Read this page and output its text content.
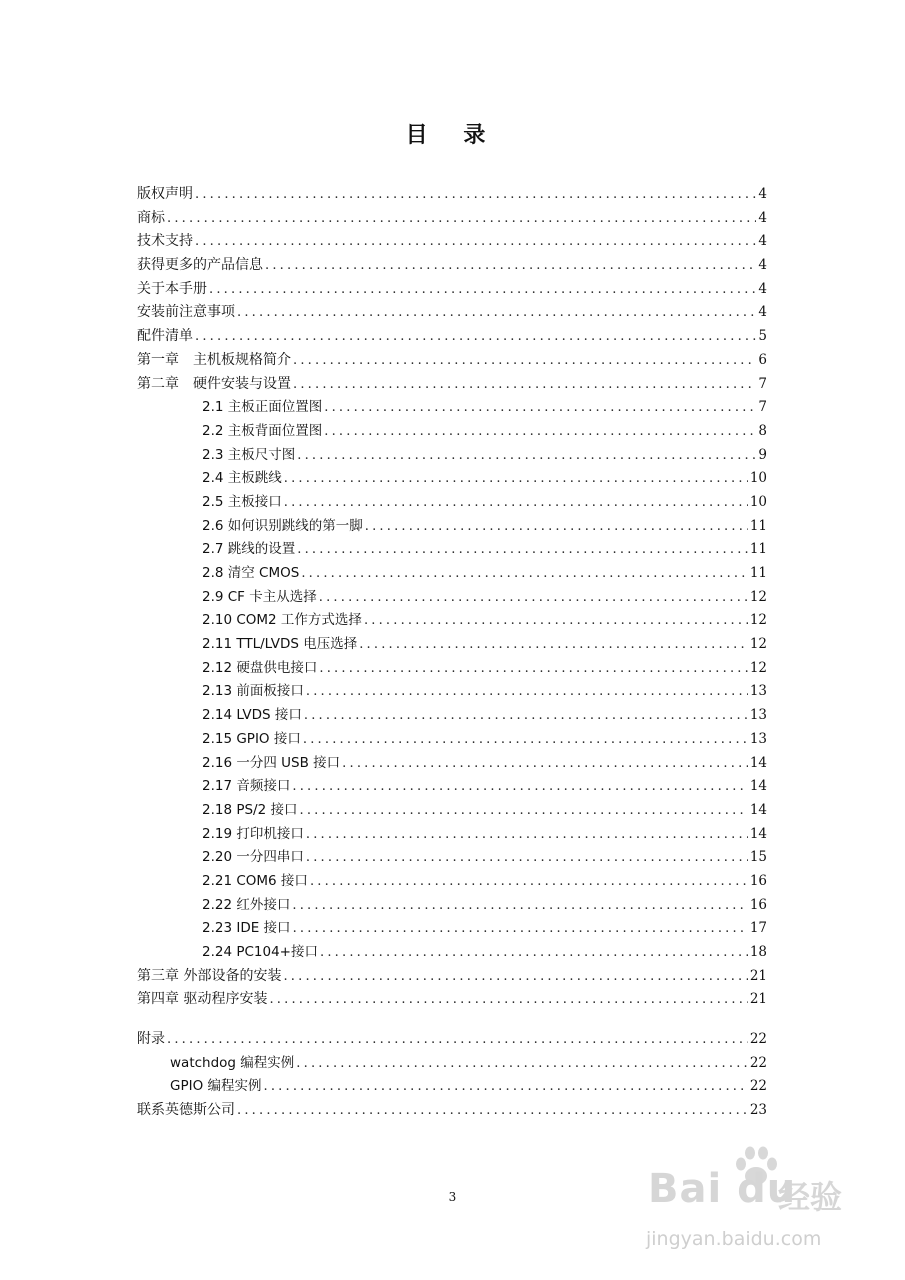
目 录
版权声明 .....	4
商标 .....	4
技术支持 .....	4
获得更多的产品信息 .....	4
关于本手册 .....	4
安装前注意事项 .....	4
配件清单 .....	5
第一章　主机板规格简介 .....	6
第二章　硬件安装与设置 .....	7
2.1 主板正面位置图 .....	7
2.2 主板背面位置图 .....	8
2.3 主板尺寸图 .....	9
2.4 主板跳线 .....	10
2.5 主板接口 .....	10
2.6 如何识别跳线的第一脚 .....	11
2.7 跳线的设置 .....	11
2.8 清空 CMOS .....	11
2.9 CF 卡主从选择 .....	12
2.10 COM2 工作方式选择 .....	12
2.11 TTL/LVDS 电压选择 .....	12
2.12 硬盘供电接口 .....	12
2.13 前面板接口 .....	13
2.14 LVDS 接口 .....	13
2.15 GPIO 接口 .....	13
2.16 一分四 USB 接口 .....	14
2.17 音频接口 .....	14
2.18 PS/2 接口 .....	14
2.19 打印机接口 .....	14
2.20 一分四串口 .....	15
2.21 COM6 接口 .....	16
2.22 红外接口 .....	16
2.23 IDE 接口 .....	17
2.24 PC104+接口 .....	18
第三章 外部设备的安装 .....	21
第四章 驱动程序安装 .....	21
附录 .....	22
watchdog 编程实例 .....	22
GPIO 编程实例 .....	22
联系英德斯公司 .....	23
3	Bai du
经验
jingyan.baidu.com
